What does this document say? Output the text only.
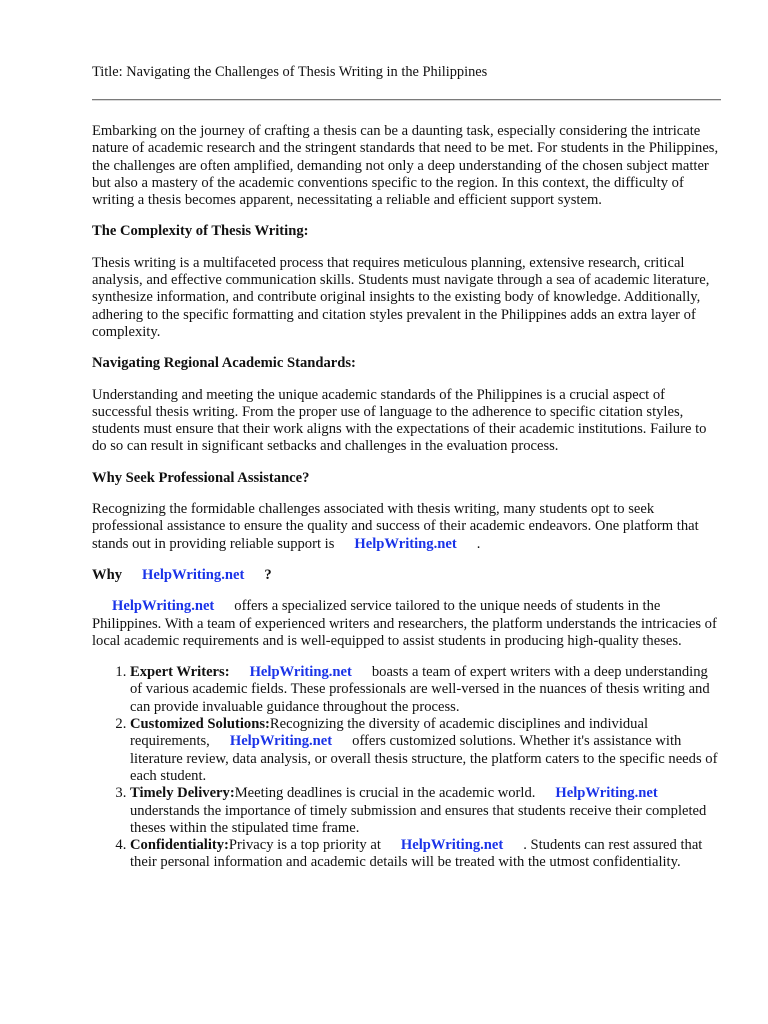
Title: Navigating the Challenges of Thesis Writing in the Philippines

Embarking on the journey of crafting a thesis can be a daunting task, especially considering the intricate nature of academic research and the stringent standards that need to be met. For students in the Philippines, the challenges are often amplified, demanding not only a deep understanding of the chosen subject matter but also a mastery of the academic conventions specific to the region. In this context, the difficulty of writing a thesis becomes apparent, necessitating a reliable and efficient support system.

The Complexity of Thesis Writing:

Thesis writing is a multifaceted process that requires meticulous planning, extensive research, critical analysis, and effective communication skills. Students must navigate through a sea of academic literature, synthesize information, and contribute original insights to the existing body of knowledge. Additionally, adhering to the specific formatting and citation styles prevalent in the Philippines adds an extra layer of complexity.

Navigating Regional Academic Standards:

Understanding and meeting the unique academic standards of the Philippines is a crucial aspect of successful thesis writing. From the proper use of language to the adherence to specific citation styles, students must ensure that their work aligns with the expectations of their academic institutions. Failure to do so can result in significant setbacks and challenges in the evaluation process.

Why Seek Professional Assistance?

Recognizing the formidable challenges associated with thesis writing, many students opt to seek professional assistance to ensure the quality and success of their academic endeavors. One platform that stands out in providing reliable support is HelpWriting.net .

Why HelpWriting.net ?

HelpWriting.net offers a specialized service tailored to the unique needs of students in the Philippines. With a team of experienced writers and researchers, the platform understands the intricacies of local academic requirements and is well-equipped to assist students in producing high-quality theses.

1. Expert Writers: HelpWriting.net boasts a team of expert writers with a deep understanding of various academic fields. These professionals are well-versed in the nuances of thesis writing and can provide invaluable guidance throughout the process.
2. Customized Solutions:Recognizing the diversity of academic disciplines and individual requirements, HelpWriting.net offers customized solutions. Whether it's assistance with literature review, data analysis, or overall thesis structure, the platform caters to the specific needs of each student.
3. Timely Delivery:Meeting deadlines is crucial in the academic world. HelpWriting.netunderstands the importance of timely submission and ensures that students receive their completed theses within the stipulated time frame.
4. Confidentiality:Privacy is a top priority at HelpWriting.net . Students can rest assured that their personal information and academic details will be treated with the utmost confidentiality.
